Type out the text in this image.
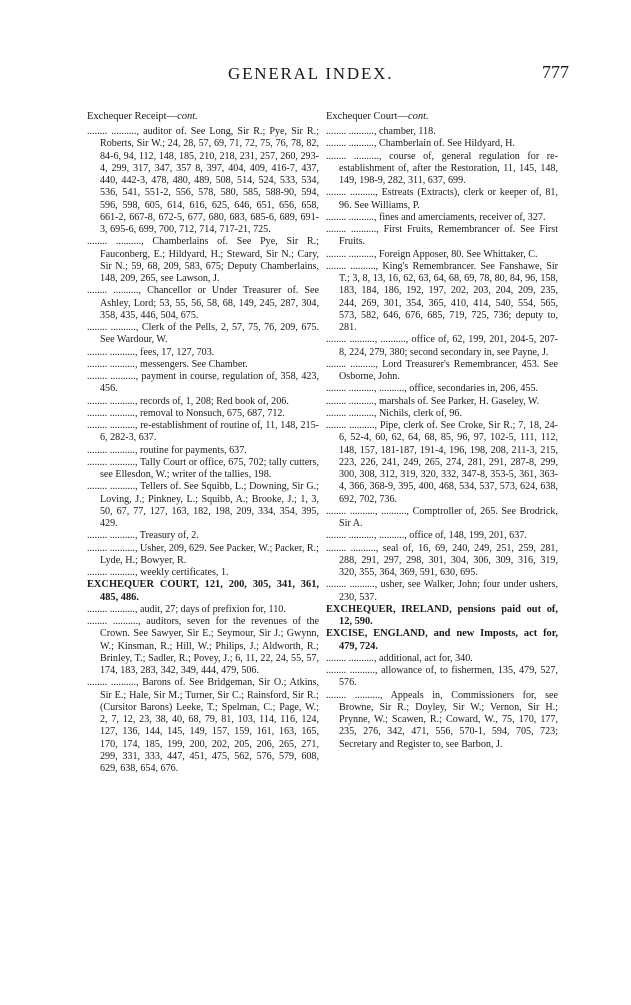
GENERAL INDEX.	777
Exchequer Receipt—cont.

........ .........., auditor of. See Long, Sir R.; Pye, Sir R.; Roberts, Sir W.; 24, 28, 57, 69, 71, 72, 75, 76, 78, 82, 84-6, 94, 112, 148, 185, 210, 218, 231, 257, 260, 293-4, 299, 317, 347, 357 8, 397, 404, 409, 416-7, 437, 440, 442-3, 478, 480, 489, 508, 514, 524, 533, 534, 536, 541, 551-2, 556, 578, 580, 585, 588-90, 594, 596, 598, 605, 614, 616, 625, 646, 651, 656, 658, 661-2, 667-8, 672-5, 677, 680, 683, 685-6, 689, 691-3, 695-6, 699, 700, 712, 714, 717-21, 725.

........ .........., Chamberlains of. See Pye, Sir R.; Fauconberg, E.; Hildyard, H.; Steward, Sir N.; Cary, Sir N.; 59, 68, 209, 583, 675; Deputy Chamberlains, 148, 209, 265, see Lawson, J.

........ .........., Chancellor or Under Treasurer of. See Ashley, Lord; 53, 55, 56, 58, 68, 149, 245, 287, 304, 358, 435, 446, 504, 675.

........ .........., Clerk of the Pells, 2, 57, 75, 76, 209, 675. See Wardour, W.

........ .........., fees, 17, 127, 703.

........ .........., messengers. See Chamber.

........ .........., payment in course, regulation of, 358, 423, 456.

........ .........., records of, 1, 208; Red book of, 206.

........ .........., removal to Nonsuch, 675, 687, 712.

........ .........., re-establishment of routine of, 11, 148, 215-6, 282-3, 637.

........ .........., routine for payments, 637.

........ .........., Tally Court or office, 675, 702; tally cutters, see Ellesdon, W.; writer of the tallies, 198.

........ .........., Tellers of. See Squibb, L.; Downing, Sir G.; Loving, J.; Pinkney, L.; Squibb, A.; Brooke, J.; 1, 3, 50, 67, 77, 127, 163, 182, 198, 209, 334, 354, 395, 429.

........ .........., Treasury of, 2.

........ .........., Usher, 209, 629. See Packer, W.; Packer, R.; Lyde, H.; Bowyer, R.

........ .........., weekly certificates, 1.

EXCHEQUER COURT, 121, 200, 305, 341, 361, 485, 486.

........ .........., audit, 27; days of prefixion for, 110.

........ .........., auditors, seven for the revenues of the Crown. See Sawyer, Sir E.; Seymour, Sir J.; Gwynn, W.; Kinsman, R.; Hill, W.; Philips, J.; Aldworth, R.; Brinley, T.; Sadler, R.; Povey, J.; 6, 11, 22, 24, 55, 57, 174, 183, 283, 342, 349, 444, 479, 506.

........ .........., Barons of. See Bridgeman, Sir O.; Atkins, Sir E.; Hale, Sir M.; Turner, Sir C.; Rainsford, Sir R.; (Cursitor Barons) Leeke, T.; Spelman, C.; Page, W.; 2, 7, 12, 23, 38, 40, 68, 79, 81, 103, 114, 116, 124, 127, 136, 144, 145, 149, 157, 159, 161, 163, 165, 170, 174, 185, 199, 200, 202, 205, 206, 265, 271, 299, 331, 333, 447, 451, 475, 562, 576, 579, 608, 629, 638, 654, 676.

Exchequer Court—cont.

........ .........., chamber, 118.

........ .........., Chamberlain of. See Hildyard, H.

........ .........., course of, general regulation for re-establishment of, after the Restoration, 11, 145, 148, 149, 198-9, 282, 311, 637, 699.

........ .........., Estreats (Extracts), clerk or keeper of, 81, 96. See Williams, P.

........ .........., fines and amerciaments, receiver of, 327.

........ .........., First Fruits, Remembrancer of. See First Fruits.

........ .........., Foreign Apposer, 80. See Whittaker, C.

........ .........., King's Remembrancer. See Fanshawe, Sir T.; 3, 8, 13, 16, 62, 63, 64, 68, 69, 78, 80, 84, 96, 158, 183, 184, 186, 192, 197, 202, 203, 204, 209, 235, 244, 269, 301, 354, 365, 410, 414, 540, 554, 565, 573, 582, 646, 676, 685, 719, 725, 736; deputy to, 281.

........ .........., .........., office of, 62, 199, 201, 204-5, 207-8, 224, 279, 380; second secondary in, see Payne, J.

........ .........., Lord Treasurer's Remembrancer, 453. See Osborne, John.

........ .........., .........., office, secondaries in, 206, 455.

........ .........., marshals of. See Parker, H. Gaseley, W.

........ .........., Nichils, clerk of, 96.

........ .........., Pipe, clerk of. See Croke, Sir R.; 7, 18, 24-6, 52-4, 60, 62, 64, 68, 85, 96, 97, 102-5, 111, 112, 148, 157, 181-187, 191-4, 196, 198, 208, 211-3, 215, 223, 226, 241, 249, 265, 274, 281, 291, 287-8, 299, 300, 308, 312, 319, 320, 332, 347-8, 353-5, 361, 363-4, 366, 368-9, 395, 400, 468, 534, 537, 573, 624, 638, 692, 702, 736.

........ .........., .........., Comptroller of, 265. See Brodrick, Sir A.

........ .........., .........., office of, 148, 199, 201, 637.

........ .........., seal of, 16, 69, 240, 249, 251, 259, 281, 288, 291, 297, 298, 301, 304, 306, 309, 316, 319, 320, 355, 364, 369, 591, 630, 695.

........ .........., usher, see Walker, John; four under ushers, 230, 537.

EXCHEQUER, IRELAND, pensions paid out of, 12, 590.

EXCISE, ENGLAND, and new Imposts, act for, 479, 724.

........ .........., additional, act for, 340.

........ .........., allowance of, to fishermen, 135, 479, 527, 576.

........ .........., Appeals in, Commissioners for, see Browne, Sir R.; Doyley, Sir W.; Vernon, Sir H.; Prynne, W.; Scawen, R.; Coward, W., 75, 170, 177, 235, 276, 342, 471, 556, 570-1, 594, 705, 723; Secretary and Register to, see Barbon, J.
